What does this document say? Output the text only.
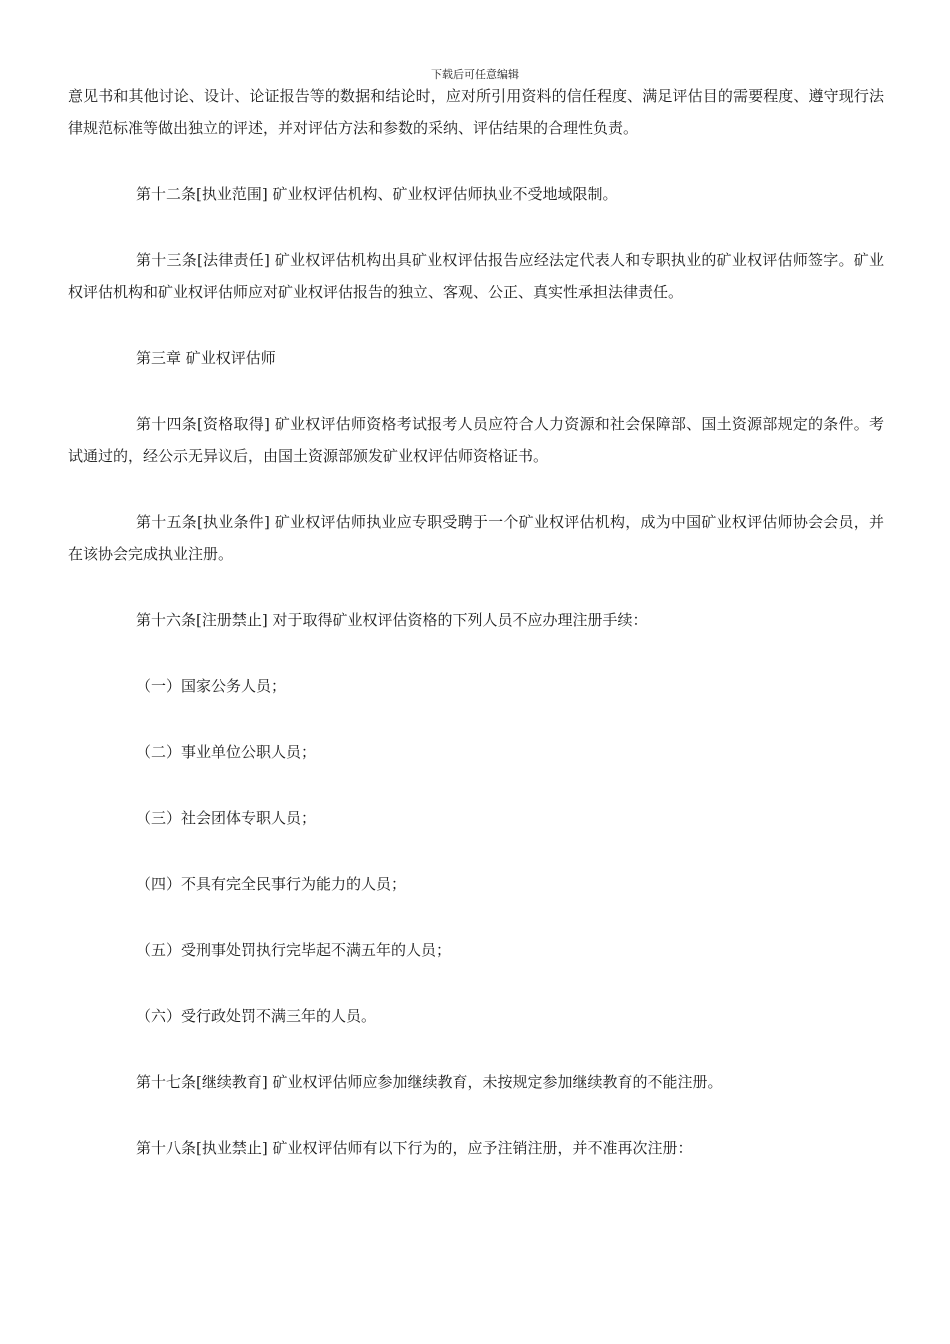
下载后可任意编辑

意见书和其他讨论、设计、论证报告等的数据和结论时，应对所引用资料的信任程度、满足评估目的需要程度、遵守现行法律规范标准等做出独立的评述，并对评估方法和参数的采纳、评估结果的合理性负责。

第十二条[执业范围] 矿业权评估机构、矿业权评估师执业不受地域限制。

第十三条[法律责任] 矿业权评估机构出具矿业权评估报告应经法定代表人和专职执业的矿业权评估师签字。矿业权评估机构和矿业权评估师应对矿业权评估报告的独立、客观、公正、真实性承担法律责任。

第三章 矿业权评估师

第十四条[资格取得] 矿业权评估师资格考试报考人员应符合人力资源和社会保障部、国土资源部规定的条件。考试通过的，经公示无异议后，由国土资源部颁发矿业权评估师资格证书。

第十五条[执业条件] 矿业权评估师执业应专职受聘于一个矿业权评估机构，成为中国矿业权评估师协会会员，并在该协会完成执业注册。

第十六条[注册禁止] 对于取得矿业权评估资格的下列人员不应办理注册手续：

（一）国家公务人员；

（二）事业单位公职人员；

（三）社会团体专职人员；

（四）不具有完全民事行为能力的人员；

（五）受刑事处罚执行完毕起不满五年的人员；

（六）受行政处罚不满三年的人员。

第十七条[继续教育] 矿业权评估师应参加继续教育，未按规定参加继续教育的不能注册。

第十八条[执业禁止] 矿业权评估师有以下行为的，应予注销注册，并不准再次注册：
